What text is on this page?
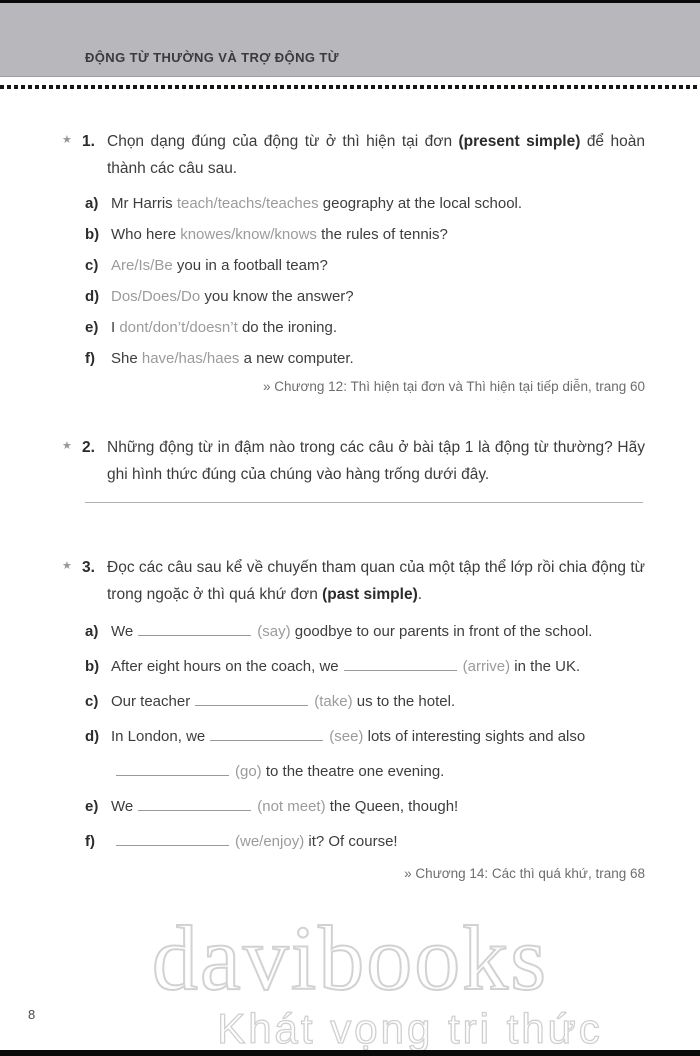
ĐỘNG TỪ THƯỜNG VÀ TRỢ ĐỘNG TỪ
★ 1. Chọn dạng đúng của động từ ở thì hiện tại đơn (present simple) để hoàn thành các câu sau.
a) Mr Harris teach/teachs/teaches geography at the local school.
b) Who here knowes/know/knows the rules of tennis?
c) Are/Is/Be you in a football team?
d) Dos/Does/Do you know the answer?
e) I dont/don’t/doesn’t do the ironing.
f)	She have/has/haes a new computer.
» Chương 12: Thì hiện tại đơn và Thì hiện tại tiếp diễn, trang 60
★ 2. Những động từ in đậm nào trong các câu ở bài tập 1 là động từ thường? Hãy ghi hình thức đúng của chúng vào hàng trống dưới đây.
★ 3. Đọc các câu sau kể về chuyến tham quan của một tập thể lớp rồi chia động từ trong ngoặc ở thì quá khứ đơn (past simple).
a) We	(say) goodbye to our parents in front of the school.
b) After eight hours on the coach, we	(arrive) in the UK.
c) Our teacher	(take) us to the hotel.
d) In London, we	(see) lots of interesting sights and also
(go) to the theatre one evening.
e) We	(not meet) the Queen, though!
f)	(we/enjoy) it? Of course!
» Chương 14: Các thì quá khứ, trang 68
davibooks
Khát vọng tri thức
8
